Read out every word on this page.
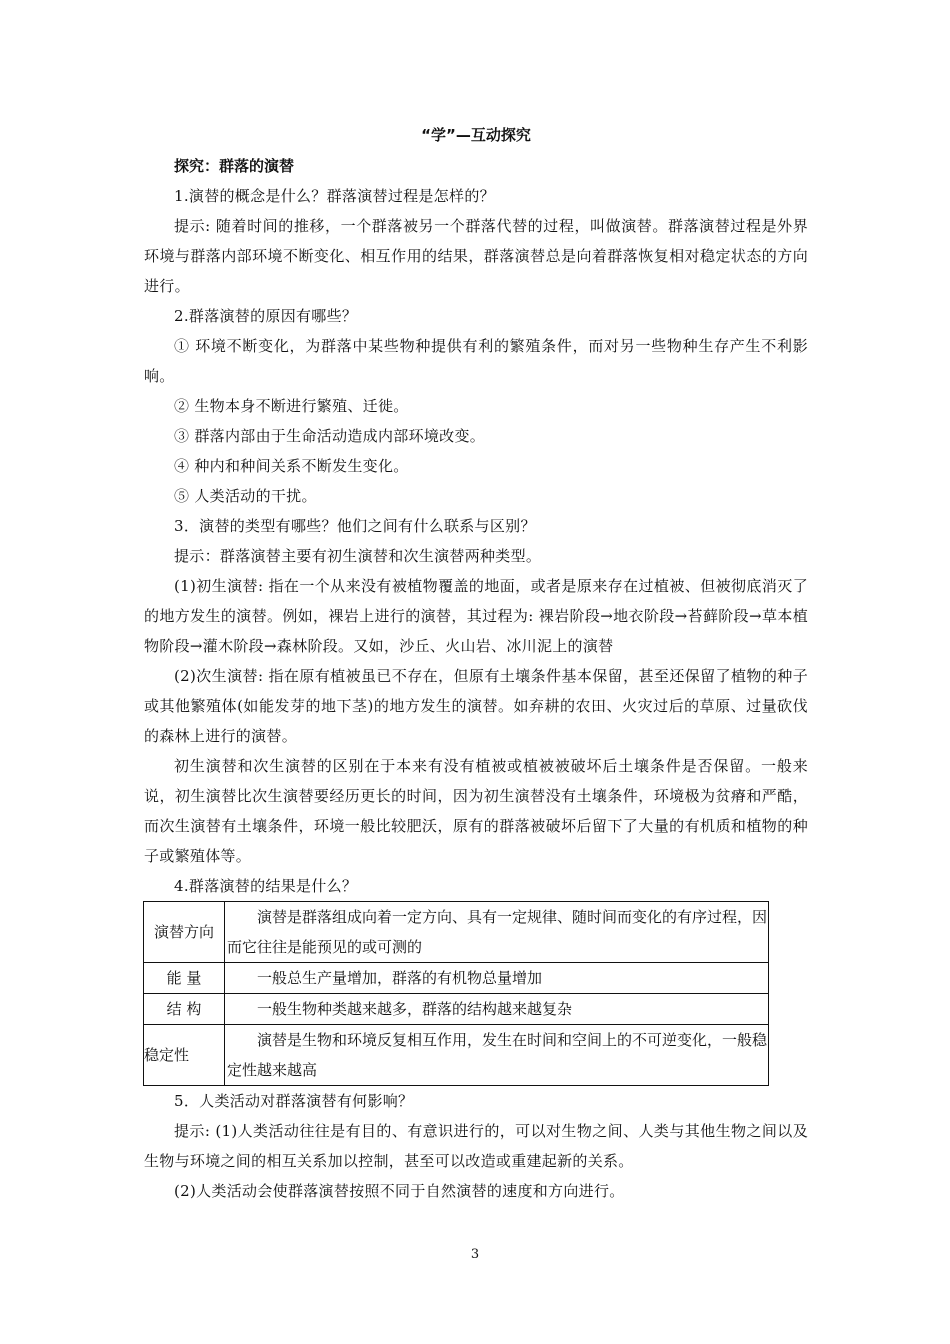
“学”—互动探究
探究：群落的演替

1.演替的概念是什么？群落演替过程是怎样的？

提示: 随着时间的推移，一个群落被另一个群落代替的过程，叫做演替。群落演替过程是外界环境与群落内部环境不断变化、相互作用的结果，群落演替总是向着群落恢复相对稳定状态的方向进行。

2.群落演替的原因有哪些？

① 环境不断变化，为群落中某些物种提供有利的繁殖条件，而对另一些物种生存产生不利影响。

② 生物本身不断进行繁殖、迁徙。

③ 群落内部由于生命活动造成内部环境改变。

④ 种内和种间关系不断发生变化。

⑤ 人类活动的干扰。

3．演替的类型有哪些？他们之间有什么联系与区别？

提示：群落演替主要有初生演替和次生演替两种类型。

(1)初生演替: 指在一个从来没有被植物覆盖的地面，或者是原来存在过植被、但被彻底消灭了的地方发生的演替。例如，裸岩上进行的演替，其过程为: 裸岩阶段→地衣阶段→苔藓阶段→草本植物阶段→灌木阶段→森林阶段。又如，沙丘、火山岩、冰川泥上的演替

(2)次生演替: 指在原有植被虽已不存在，但原有土壤条件基本保留，甚至还保留了植物的种子或其他繁殖体(如能发芽的地下茎)的地方发生的演替。如弃耕的农田、火灾过后的草原、过量砍伐的森林上进行的演替。

初生演替和次生演替的区别在于本来有没有植被或植被被破坏后土壤条件是否保留。一般来说，初生演替比次生演替要经历更长的时间，因为初生演替没有土壤条件，环境极为贫瘠和严酷，而次生演替有土壤条件，环境一般比较肥沃，原有的群落被破坏后留下了大量的有机质和植物的种子或繁殖体等。

4.群落演替的结果是什么？

演替方向	演替是群落组成向着一定方向、具有一定规律、随时间而变化的有序过程，因而它往往是能预见的或可测的
能 量	一般总生产量增加，群落的有机物总量增加
结 构	一般生物种类越来越多，群落的结构越来越复杂
稳定性	演替是生物和环境反复相互作用，发生在时间和空间上的不可逆变化，一般稳定性越来越高

5．人类活动对群落演替有何影响？

提示: (1)人类活动往往是有目的、有意识进行的，可以对生物之间、人类与其他生物之间以及生物与环境之间的相互关系加以控制，甚至可以改造或重建起新的关系。

(2)人类活动会使群落演替按照不同于自然演替的速度和方向进行。

3
